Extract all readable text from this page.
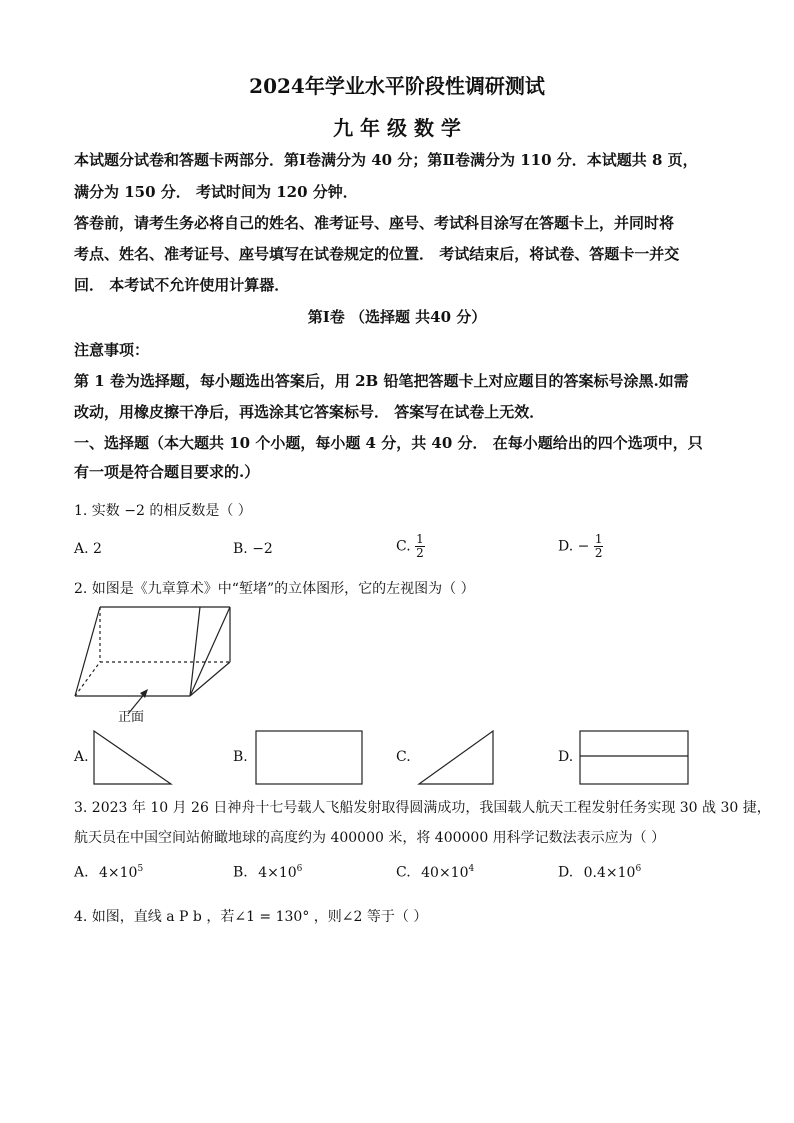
2024年学业水平阶段性调研测试
九 年 级 数 学
本试题分试卷和答题卡两部分．第Ⅰ卷满分为 40 分；第Ⅱ卷满分为 110 分．本试题共 8 页，
满分为 150 分． 考试时间为 120 分钟．
答卷前，请考生务必将自己的姓名、准考证号、座号、考试科目涂写在答题卡上，并同时将
考点、姓名、准考证号、座号填写在试卷规定的位置． 考试结束后，将试卷、答题卡一并交
回． 本考试不允许使用计算器．
第Ⅰ卷 （选择题 共40 分）
注意事项：
第 1 卷为选择题，每小题选出答案后，用 2B 铅笔把答题卡上对应题目的答案标号涂黑.如需
改动，用橡皮擦干净后，再选涂其它答案标号． 答案写在试卷上无效．
一、选择题（本大题共 10 个小题，每小题 4 分，共 40 分． 在每小题给出的四个选项中，只
有一项是符合题目要求的.）
1. 实数 −2 的相反数是（ ）
A. 2	B. −2	C. $\frac{1}{2}$	D. − $\frac{1}{2}$
2. 如图是《九章算术》中“堑堵”的立体图形，它的左视图为（ ）
正面
A.	B.	C.	D.
3. 2023 年 10 月 26 日神舟十七号载人飞船发射取得圆满成功，我国载人航天工程发射任务实现 30 战 30 捷，
航天员在中国空间站俯瞰地球的高度约为 400000 米，将 400000 用科学记数法表示应为（ ）
A. $4\times 10^5$	B. $4\times 10^6$	C. $40\times 10^4$	D. $0.4\times 10^6$
4. 如图，直线 a P b ，若∠1 = 130° ，则∠2 等于（ ）
